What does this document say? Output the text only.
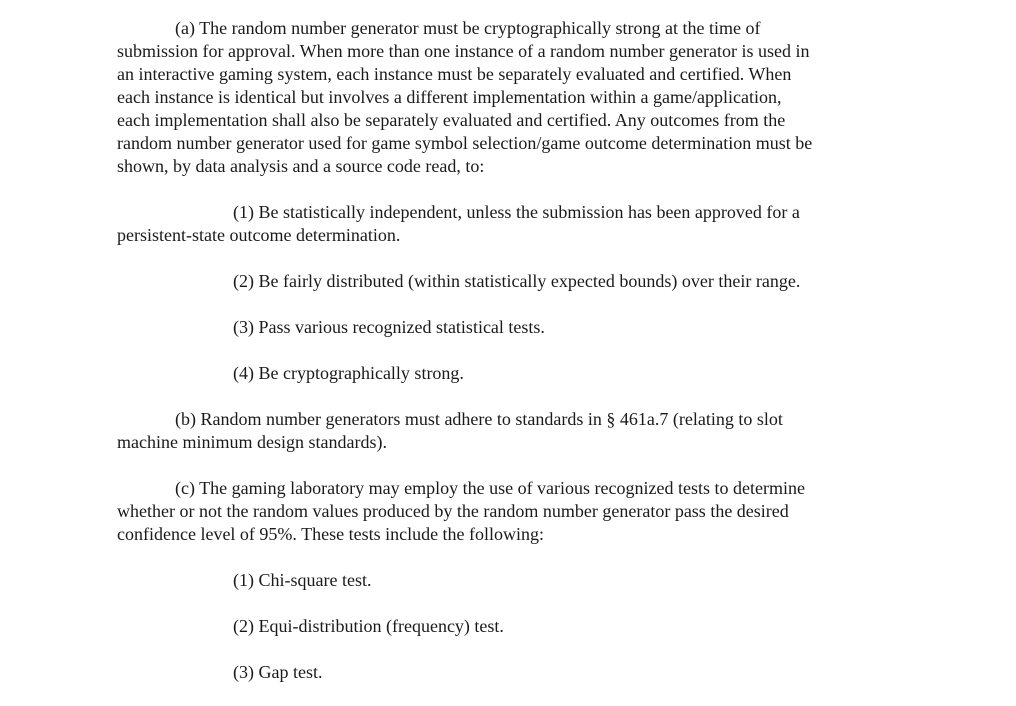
(a) The random number generator must be cryptographically strong at the time of
submission for approval. When more than one instance of a random number generator is used in
an interactive gaming system, each instance must be separately evaluated and certified. When
each instance is identical but involves a different implementation within a game/application,
each implementation shall also be separately evaluated and certified. Any outcomes from the
random number generator used for game symbol selection/game outcome determination must be
shown, by data analysis and a source code read, to:
(1) Be statistically independent, unless the submission has been approved for a
persistent-state outcome determination.

(2) Be fairly distributed (within statistically expected bounds) over their range.

(3) Pass various recognized statistical tests.

(4) Be cryptographically strong.

(b) Random number generators must adhere to standards in § 461a.7 (relating to slot
machine minimum design standards).
(c) The gaming laboratory may employ the use of various recognized tests to determine
whether or not the random values produced by the random number generator pass the desired
confidence level of 95%. These tests include the following:

(1) Chi-square test.

(2) Equi-distribution (frequency) test.

(3) Gap test.
